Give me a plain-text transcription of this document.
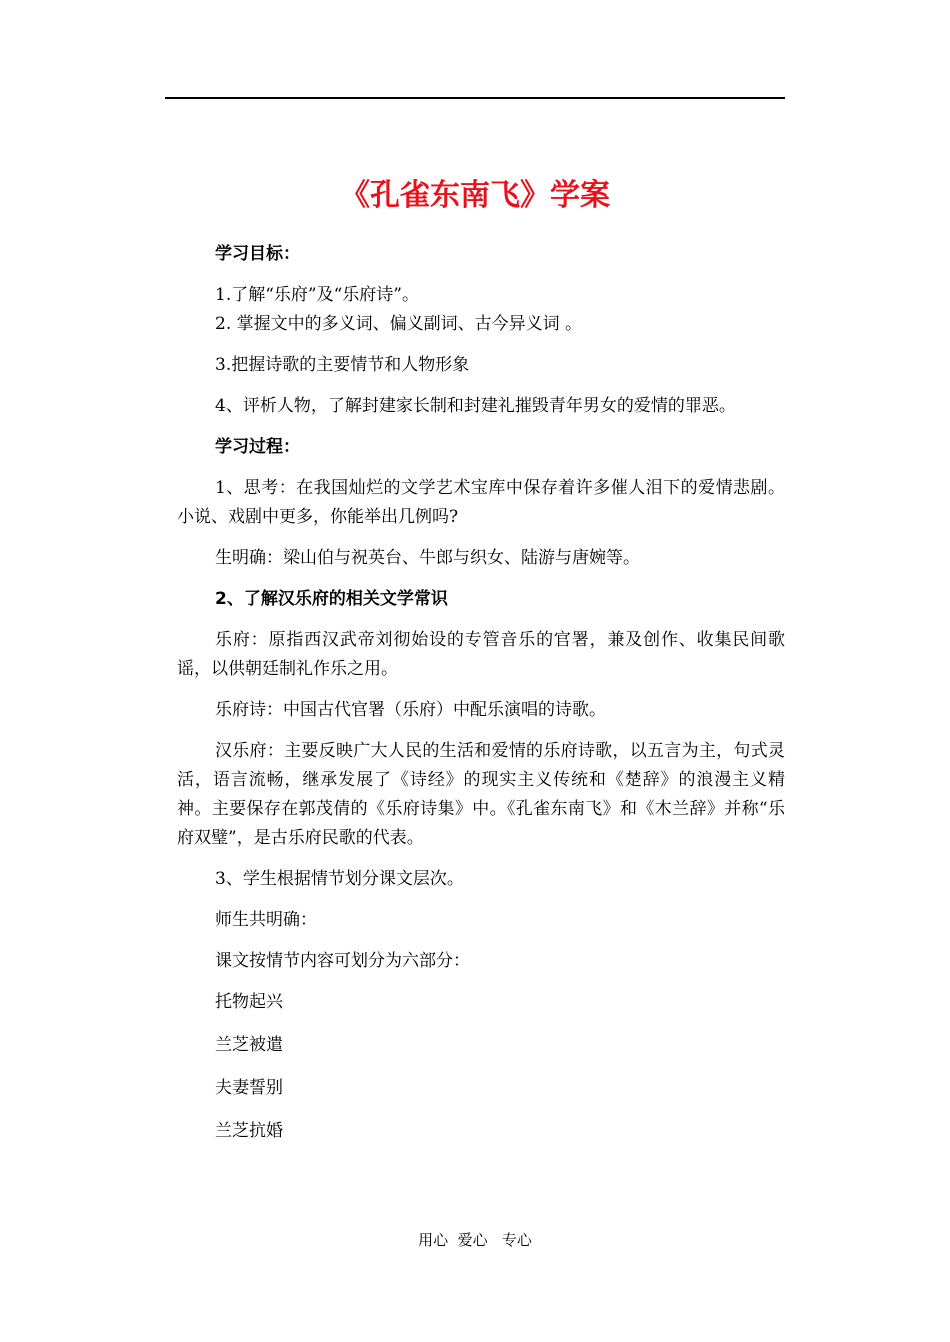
《孔雀东南飞》学案

学习目标：

1.了解“乐府”及“乐府诗”。

2. 掌握文中的多义词、偏义副词、古今异义词 。

3.把握诗歌的主要情节和人物形象

4、评析人物，了解封建家长制和封建礼摧毁青年男女的爱情的罪恶。

学习过程：

1、思考：在我国灿烂的文学艺术宝库中保存着许多催人泪下的爱情悲剧。小说、戏剧中更多，你能举出几例吗?

生明确：梁山伯与祝英台、牛郎与织女、陆游与唐婉等。

2、了解汉乐府的相关文学常识

乐府：原指西汉武帝刘彻始设的专管音乐的官署，兼及创作、收集民间歌谣，以供朝廷制礼作乐之用。

乐府诗：中国古代官署（乐府）中配乐演唱的诗歌。

汉乐府：主要反映广大人民的生活和爱情的乐府诗歌，以五言为主，句式灵活，语言流畅，继承发展了《诗经》的现实主义传统和《楚辞》的浪漫主义精神。主要保存在郭茂倩的《乐府诗集》中。《孔雀东南飞》和《木兰辞》并称“乐府双璧”，是古乐府民歌的代表。

3、学生根据情节划分课文层次。

师生共明确：

课文按情节内容可划分为六部分：

托物起兴

兰芝被遣

夫妻誓别

兰芝抗婚

用心  爱心   专心
